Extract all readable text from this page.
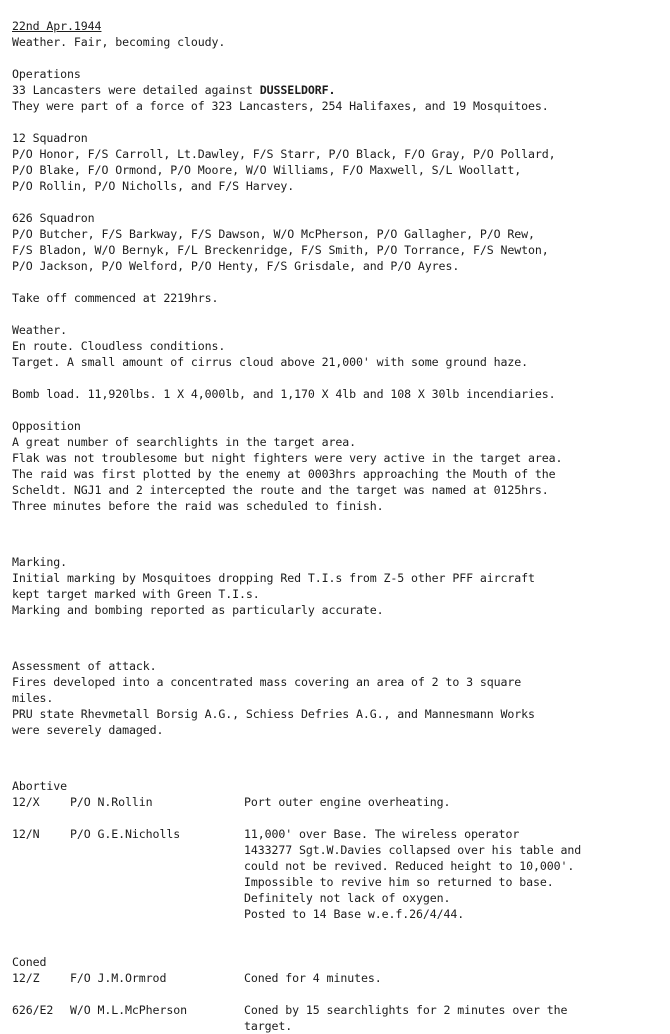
22nd Apr.1944
Weather. Fair, becoming cloudy.
Operations
33 Lancasters were detailed against DUSSELDORF.
They were part of a force of 323 Lancasters, 254 Halifaxes, and 19 Mosquitoes.
12 Squadron
P/O Honor, F/S Carroll, Lt.Dawley, F/S Starr, P/O Black, F/O Gray, P/O Pollard,
P/O Blake, F/O Ormond, P/O Moore, W/O Williams, F/O Maxwell, S/L Woollatt,
P/O Rollin, P/O Nicholls, and F/S Harvey.
626 Squadron
P/O Butcher, F/S Barkway, F/S Dawson, W/O McPherson, P/O Gallagher, P/O Rew,
F/S Bladon, W/O Bernyk, F/L Breckenridge, F/S Smith, P/O Torrance, F/S Newton,
P/O Jackson, P/O Welford, P/O Henty, F/S Grisdale, and P/O Ayres.
Take off commenced at 2219hrs.
Weather.
En route. Cloudless conditions.
Target. A small amount of cirrus cloud above 21,000' with some ground haze.
Bomb load. 11,920lbs. 1 X 4,000lb, and 1,170 X 4lb and 108 X 30lb incendiaries.
Opposition
A great number of searchlights in the target area.
Flak was not troublesome but night fighters were very active in the target area.
The raid was first plotted by the enemy at 0003hrs approaching the Mouth of the
Scheldt. NGJ1 and 2 intercepted the route and the target was named at 0125hrs.
Three minutes before the raid was scheduled to finish.
Marking.
Initial marking by Mosquitoes dropping Red T.I.s from Z-5 other PFF aircraft
kept target marked with Green T.I.s.
Marking and bombing reported as particularly accurate.
Assessment of attack.
Fires developed into a concentrated mass covering an area of 2 to 3 square
miles.
PRU state Rhevmetall Borsig A.G., Schiess Defries A.G., and Mannesmann Works
were severely damaged.
Abortive
12/X	P/O N.Rollin	Port outer engine overheating.
12/N	P/O G.E.Nicholls	11,000' over Base. The wireless operator
1433277 Sgt.W.Davies collapsed over his table and
could not be revived. Reduced height to 10,000'.
Impossible to revive him so returned to base.
Definitely not lack of oxygen.
Posted to 14 Base w.e.f.26/4/44.
Coned
12/Z	F/O J.M.Ormrod	Coned for 4 minutes.
626/E2	W/O M.L.McPherson	Coned by 15 searchlights for 2 minutes over the
target.
